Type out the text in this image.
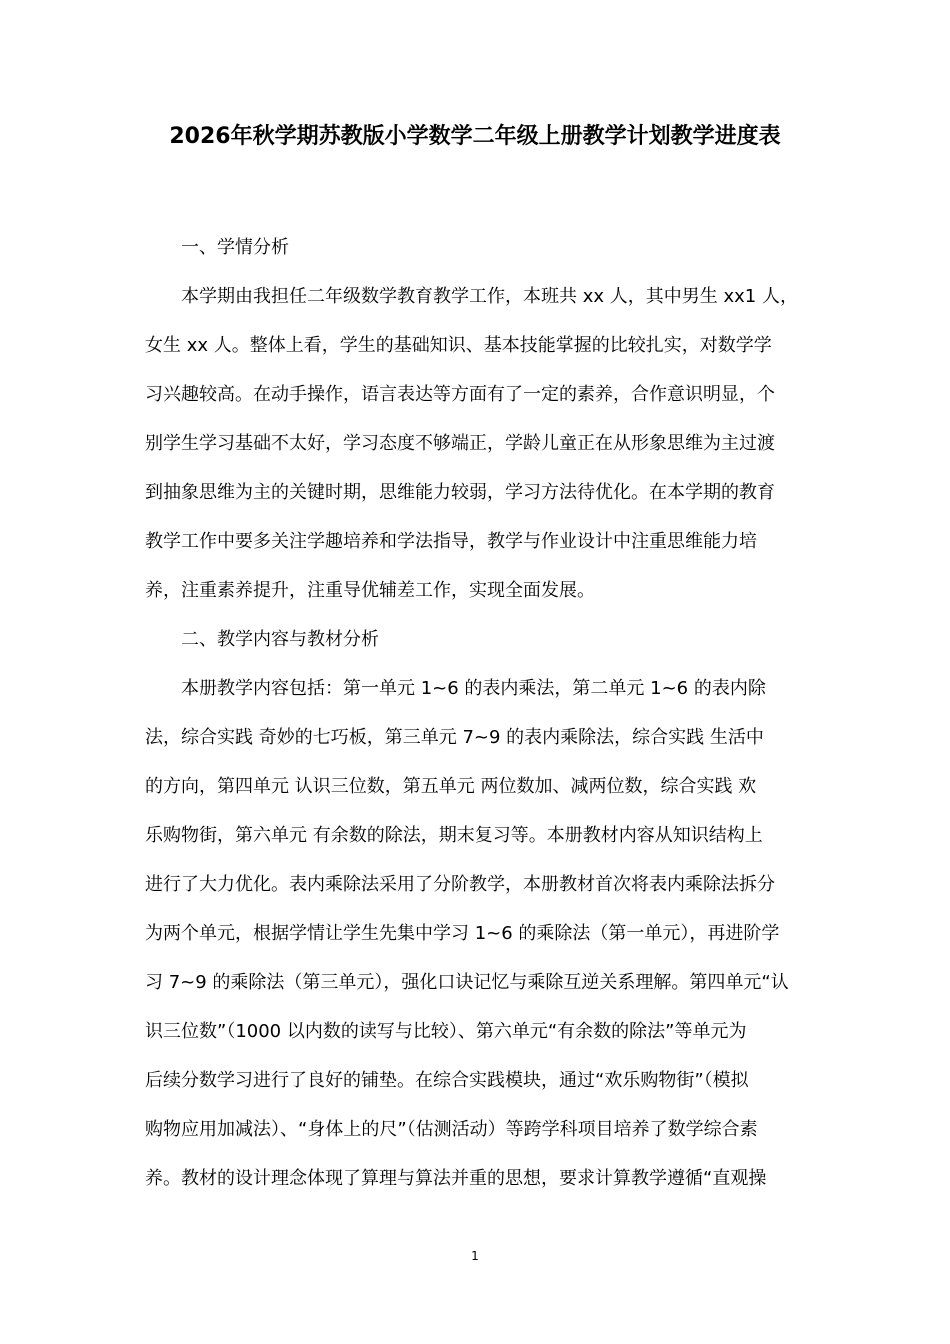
2026年秋学期苏教版小学数学二年级上册教学计划教学进度表

一、学情分析

本学期由我担任二年级数学教育教学工作，本班共 xx 人，其中男生 xx1 人，
女生 xx 人。整体上看，学生的基础知识、基本技能掌握的比较扎实，对数学学
习兴趣较高。在动手操作，语言表达等方面有了一定的素养，合作意识明显，个
别学生学习基础不太好，学习态度不够端正，学龄儿童正在从形象思维为主过渡
到抽象思维为主的关键时期，思维能力较弱，学习方法待优化。在本学期的教育
教学工作中要多关注学趣培养和学法指导，教学与作业设计中注重思维能力培
养，注重素养提升，注重导优辅差工作，实现全面发展。

二、教学内容与教材分析

本册教学内容包括：第一单元 1~6 的表内乘法，第二单元 1~6 的表内除
法，综合实践 奇妙的七巧板，第三单元 7~9 的表内乘除法，综合实践 生活中
的方向，第四单元 认识三位数，第五单元 两位数加、减两位数，综合实践 欢
乐购物街，第六单元 有余数的除法，期末复习等。本册教材内容从知识结构上
进行了大力优化。表内乘除法采用了分阶教学，本册教材首次将表内乘除法拆分
为两个单元，根据学情让学生先集中学习 1~6 的乘除法（第一单元），再进阶学
习 7~9 的乘除法（第三单元），强化口诀记忆与乘除互逆关系理解。第四单元“认
识三位数”（1000 以内数的读写与比较）、第六单元“有余数的除法”等单元为
后续分数学习进行了良好的铺垫。在综合实践模块，通过“欢乐购物街”（模拟
购物应用加减法）、“身体上的尺”（估测活动）等跨学科项目培养了数学综合素
养。教材的设计理念体现了算理与算法并重的思想，要求计算教学遵循“直观操
1
